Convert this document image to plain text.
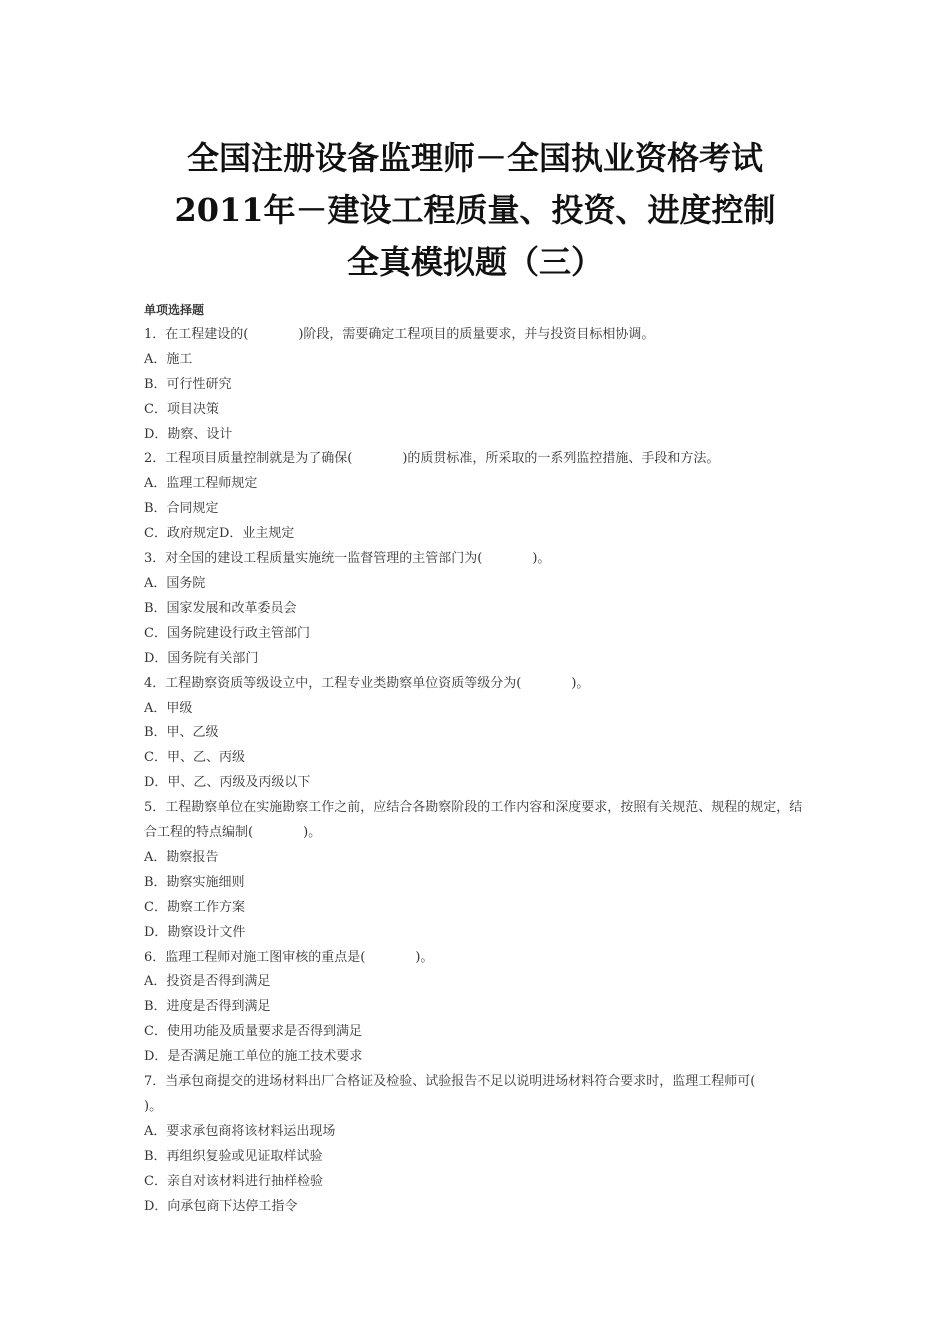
全国注册设备监理师－全国执业资格考试
2011年－建设工程质量、投资、进度控制
全真模拟题（三）
单项选择题
1．在工程建设的(	)阶段，需要确定工程项目的质量要求，并与投资目标相协调。
A．施工
B．可行性研究
C．项目决策
D．勘察、设计
2．工程项目质量控制就是为了确保(	)的质贯标准，所采取的一系列监控措施、手段和方法。
A．监理工程师规定
B．合同规定
C．政府规定D．业主规定
3．对全国的建设工程质量实施统一监督管理的主管部门为(	)。
A．国务院
B．国家发展和改革委员会
C．国务院建设行政主管部门
D．国务院有关部门
4．工程勘察资质等级设立中，工程专业类勘察单位资质等级分为(	)。
A．甲级
B．甲、乙级
C．甲、乙、丙级
D．甲、乙、丙级及丙级以下
5．工程勘察单位在实施勘察工作之前，应结合各勘察阶段的工作内容和深度要求，按照有关规范、规程的规定，结合工程的特点编制(	)。
A．勘察报告
B．勘察实施细则
C．勘察工作方案
D．勘察设计文件
6．监理工程师对施工图审核的重点是(	)。
A．投资是否得到满足
B．进度是否得到满足
C．使用功能及质量要求是否得到满足
D．是否满足施工单位的施工技术要求
7．当承包商提交的进场材料出厂合格证及检验、试验报告不足以说明进场材料符合要求时，监理工程师可()。
A．要求承包商将该材料运出现场
B．再组织复验或见证取样试验
C．亲自对该材料进行抽样检验
D．向承包商下达停工指令
